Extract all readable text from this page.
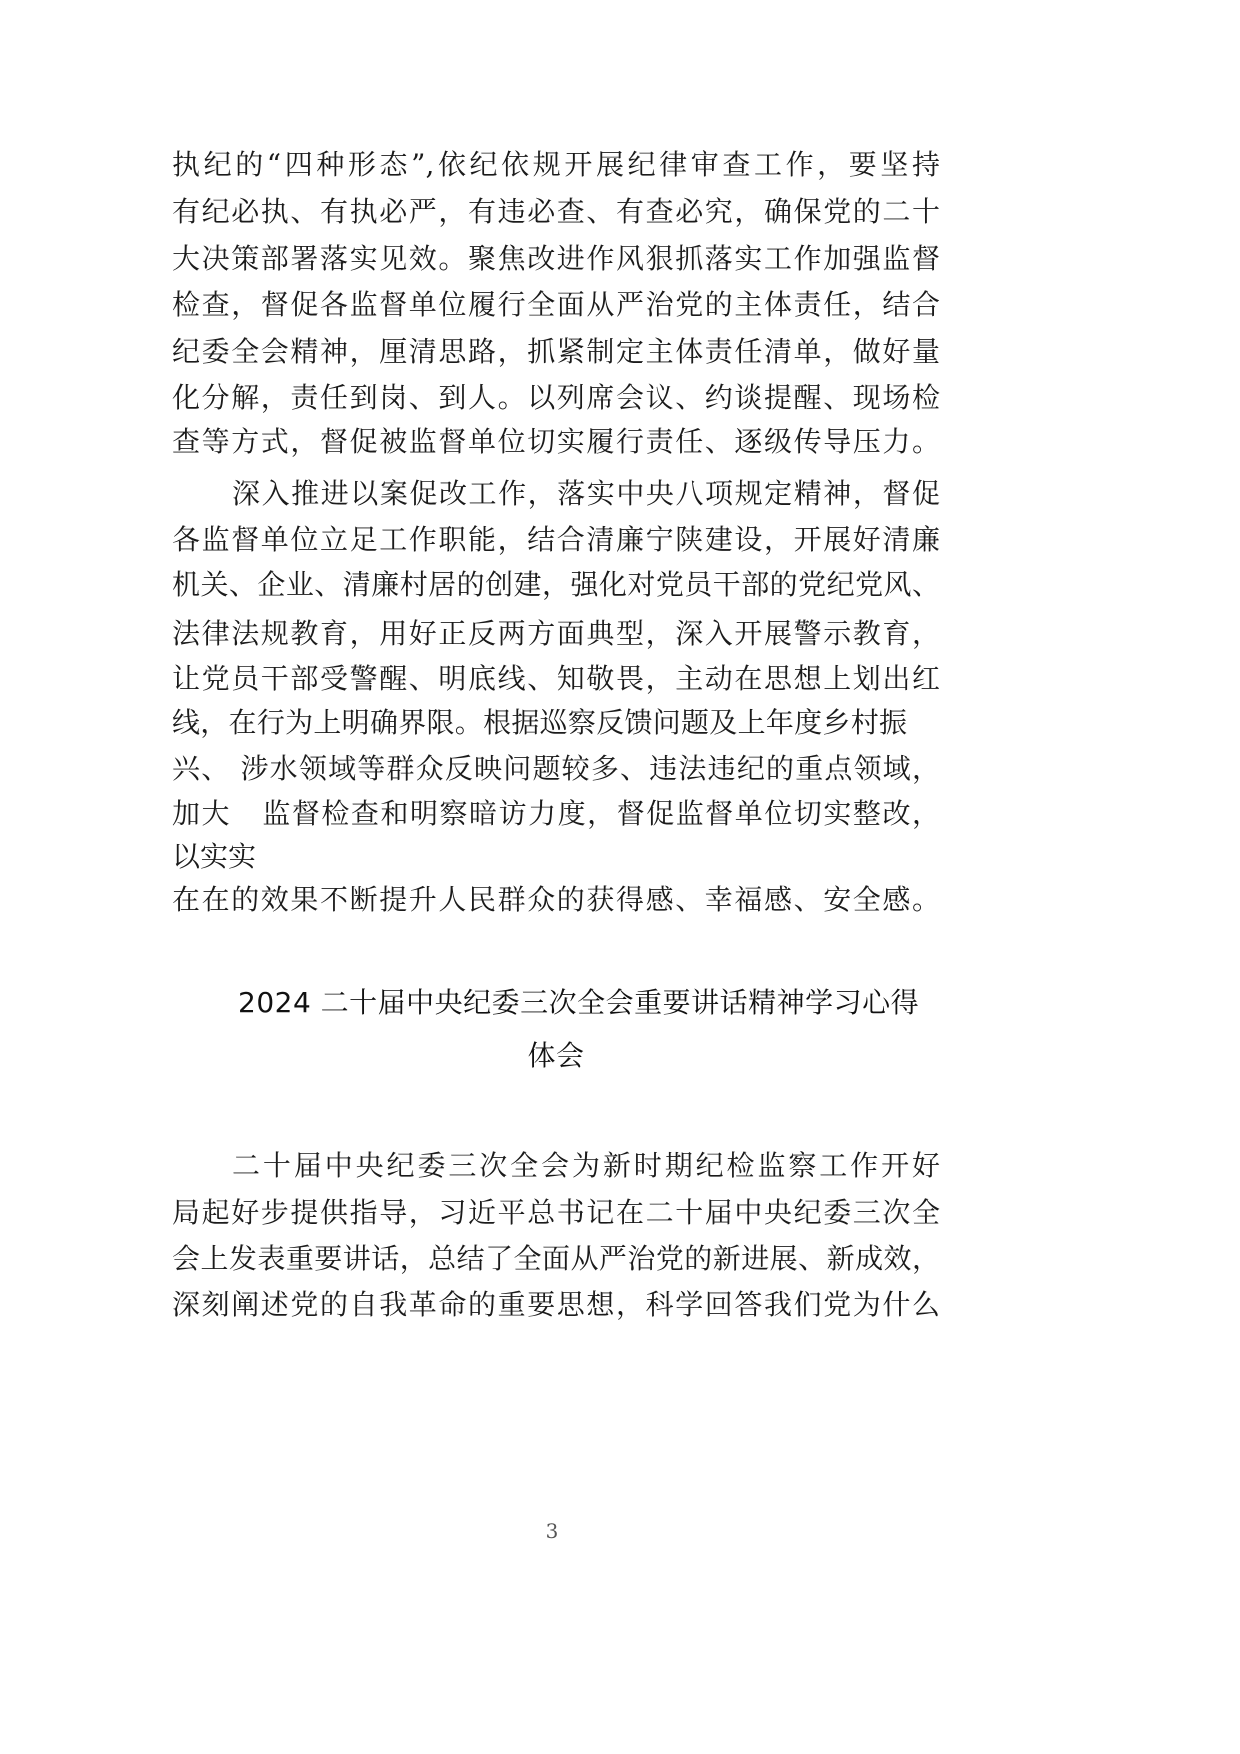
执纪的“四种形态”,依纪依规开展纪律审查工作，要坚持
有纪必执、有执必严，有违必查、有查必究，确保党的二十
大决策部署落实见效。聚焦改进作风狠抓落实工作加强监督
检查，督促各监督单位履行全面从严治党的主体责任，结合
纪委全会精神，厘清思路，抓紧制定主体责任清单，做好量
化分解，责任到岗、到人。以列席会议、约谈提醒、现场检
查等方式，督促被监督单位切实履行责任、逐级传导压力。
深入推进以案促改工作，落实中央八项规定精神，督促
各监督单位立足工作职能，结合清廉宁陕建设，开展好清廉
机关、企业、清廉村居的创建，强化对党员干部的党纪党风、
法律法规教育，用好正反两方面典型，深入开展警示教育，
让党员干部受警醒、明底线、知敬畏，主动在思想上划出红
线，在行为上明确界限。根据巡察反馈问题及上年度乡村振
兴、 涉水领域等群众反映问题较多、违法违纪的重点领域，
加大   监督检查和明察暗访力度，督促监督单位切实整改，
以实实
在在的效果不断提升人民群众的获得感、幸福感、安全感。
2024 二十届中央纪委三次全会重要讲话精神学习心得
体会
二十届中央纪委三次全会为新时期纪检监察工作开好
局起好步提供指导，习近平总书记在二十届中央纪委三次全
会上发表重要讲话，总结了全面从严治党的新进展、新成效，
深刻阐述党的自我革命的重要思想，科学回答我们党为什么
3
